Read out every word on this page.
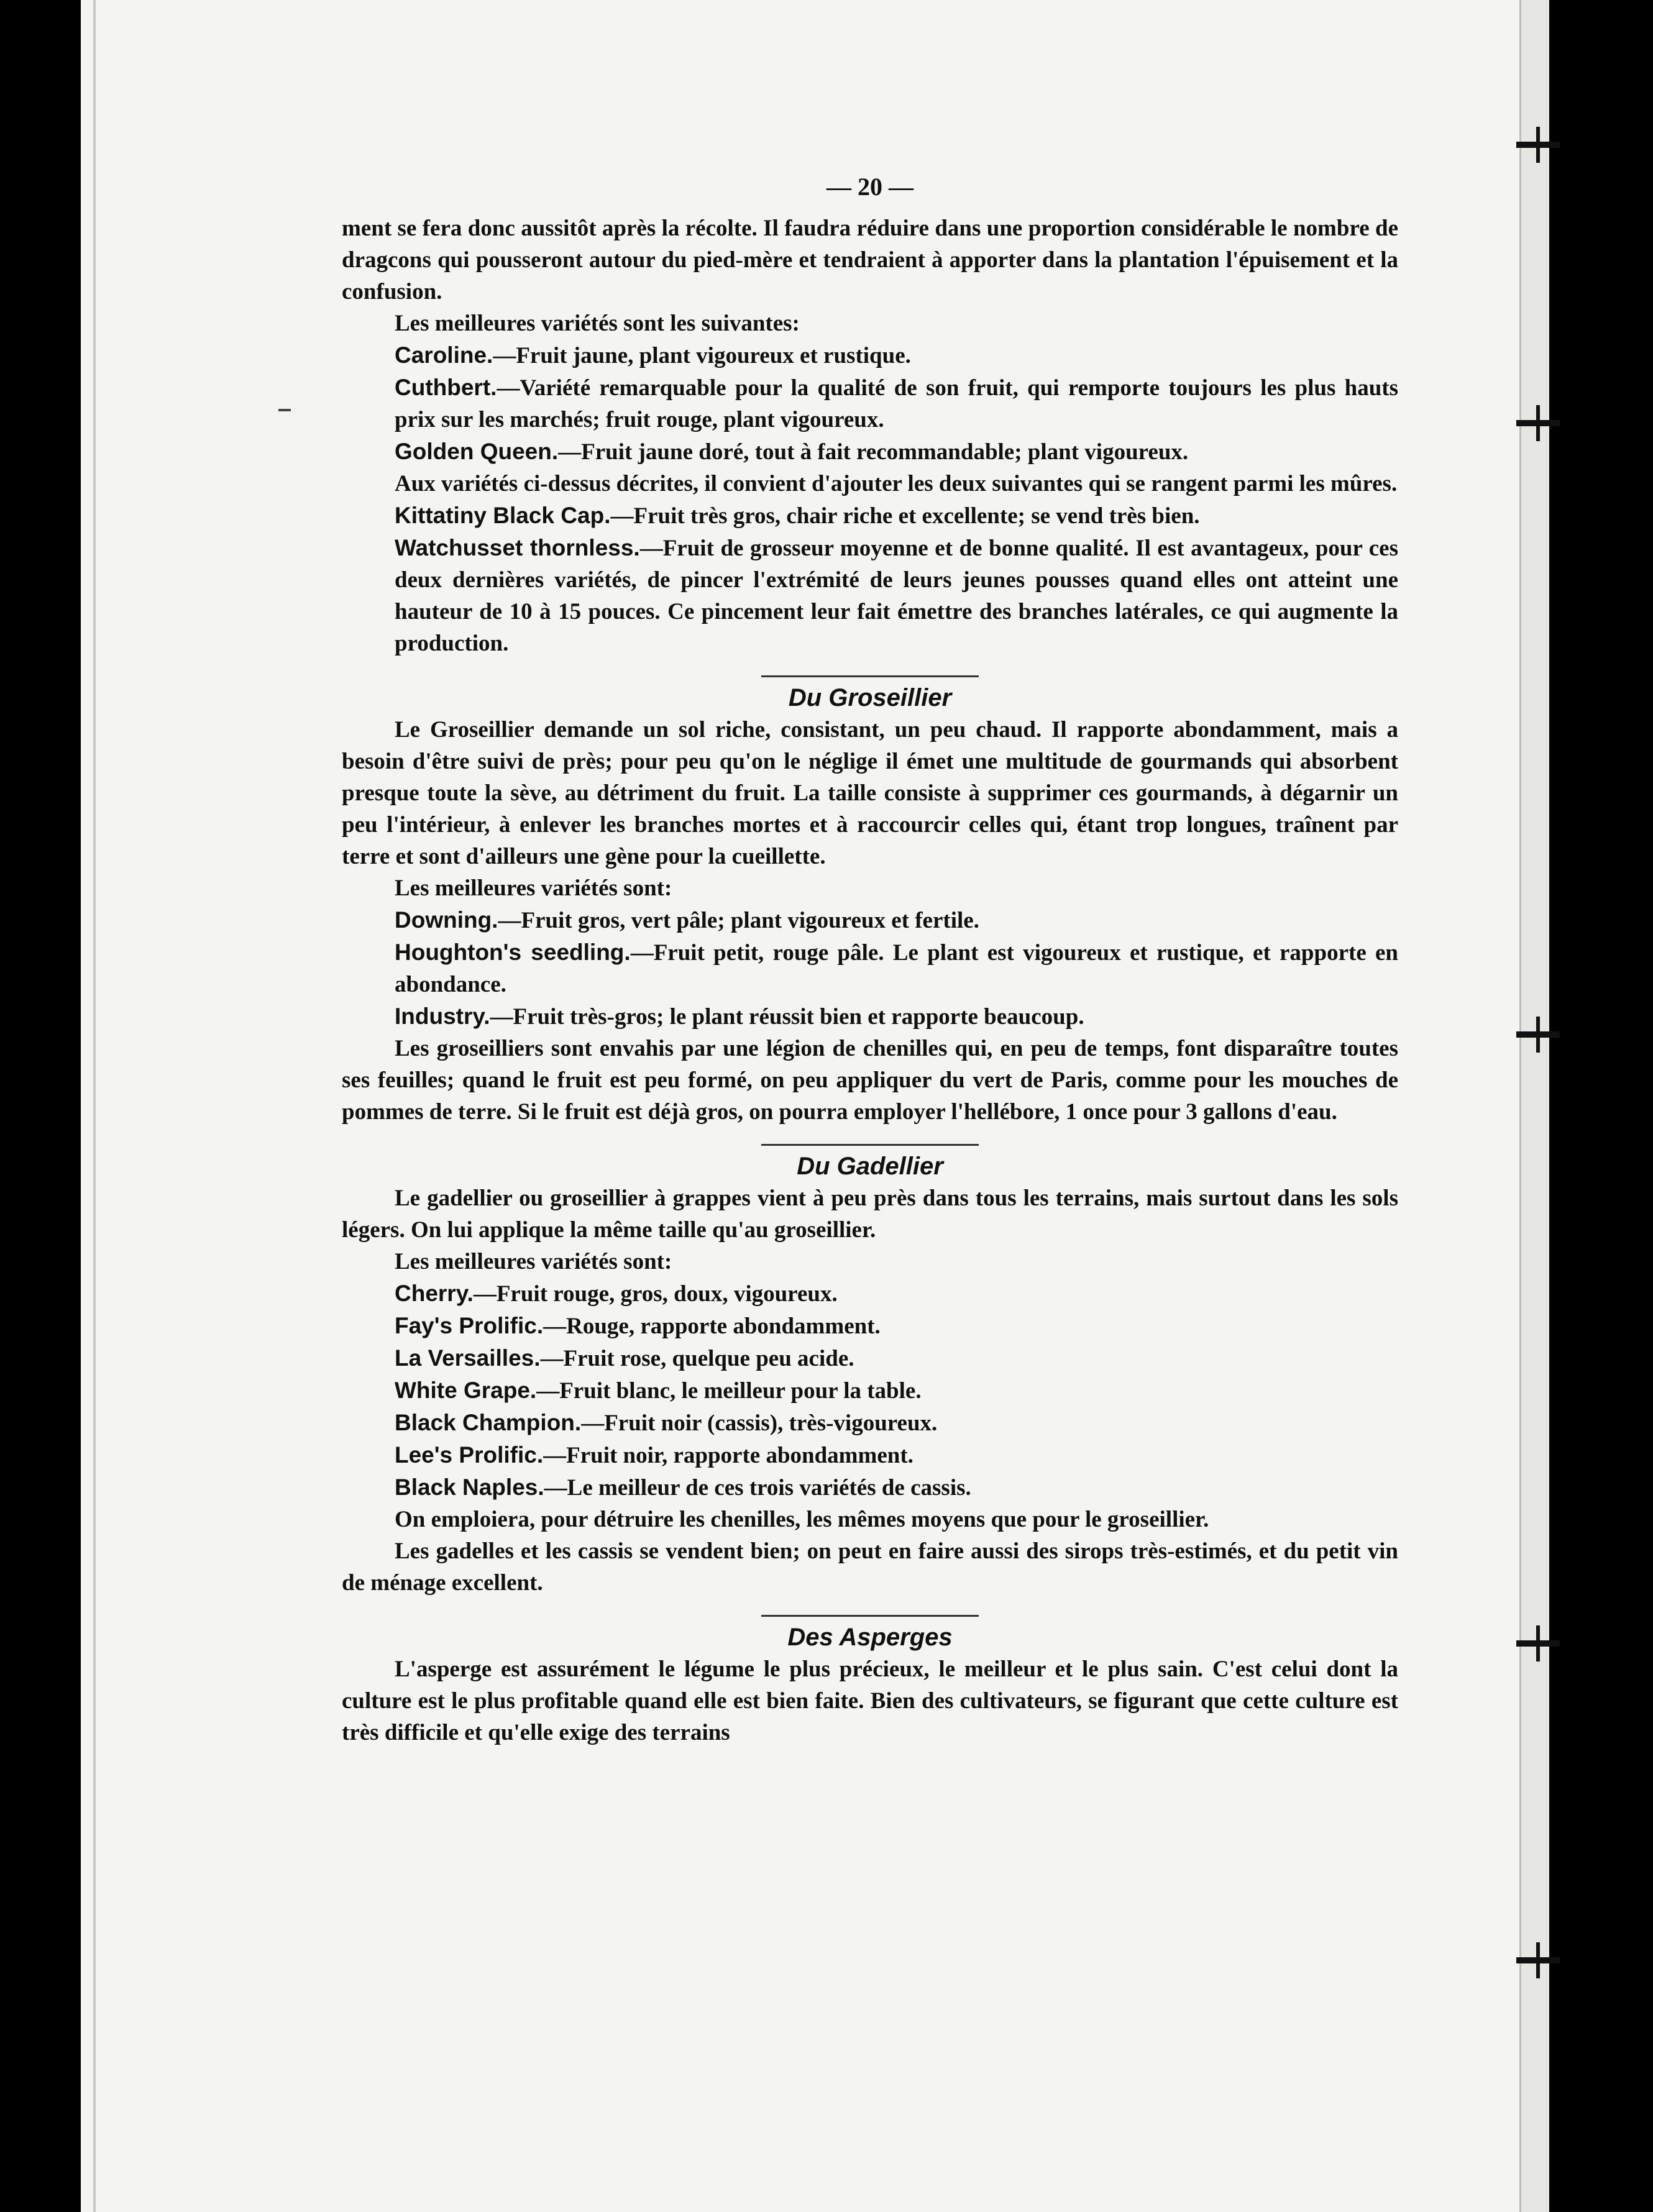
— 20 —

ment se fera donc aussitôt après la récolte. Il faudra réduire dans une proportion considérable le nombre de dragcons qui pousseront autour du pied-mère et tendraient à apporter dans la plantation l'épuisement et la confusion.

Les meilleures variétés sont les suivantes:

Caroline.—Fruit jaune, plant vigoureux et rustique.

Cuthbert.—Variété remarquable pour la qualité de son fruit, qui remporte toujours les plus hauts prix sur les marchés; fruit rouge, plant vigoureux.

Golden Queen.—Fruit jaune doré, tout à fait recommandable; plant vigoureux.

Aux variétés ci-dessus décrites, il convient d'ajouter les deux suivantes qui se rangent parmi les mûres.

Kittatiny Black Cap.—Fruit très gros, chair riche et excellente; se vend très bien.

Watchusset thornless.—Fruit de grosseur moyenne et de bonne qualité. Il est avantageux, pour ces deux dernières variétés, de pincer l'extrémité de leurs jeunes pousses quand elles ont atteint une hauteur de 10 à 15 pouces. Ce pincement leur fait émettre des branches latérales, ce qui augmente la production.

Du Groseillier

Le Groseillier demande un sol riche, consistant, un peu chaud. Il rapporte abondamment, mais a besoin d'être suivi de près; pour peu qu'on le néglige il émet une multitude de gourmands qui absorbent presque toute la sève, au détriment du fruit. La taille consiste à supprimer ces gourmands, à dégarnir un peu l'intérieur, à enlever les branches mortes et à raccourcir celles qui, étant trop longues, traînent par terre et sont d'ailleurs une gène pour la cueillette.

Les meilleures variétés sont:

Downing.—Fruit gros, vert pâle; plant vigoureux et fertile.

Houghton's seedling.—Fruit petit, rouge pâle. Le plant est vigoureux et rustique, et rapporte en abondance.

Industry.—Fruit très-gros; le plant réussit bien et rapporte beaucoup.

Les groseilliers sont envahis par une légion de chenilles qui, en peu de temps, font disparaître toutes ses feuilles; quand le fruit est peu formé, on peu appliquer du vert de Paris, comme pour les mouches de pommes de terre. Si le fruit est déjà gros, on pourra employer l'hellébore, 1 once pour 3 gallons d'eau.

Du Gadellier

Le gadellier ou groseillier à grappes vient à peu près dans tous les terrains, mais surtout dans les sols légers. On lui applique la même taille qu'au groseillier.

Les meilleures variétés sont:

Cherry.—Fruit rouge, gros, doux, vigoureux.

Fay's Prolific.—Rouge, rapporte abondamment.

La Versailles.—Fruit rose, quelque peu acide.

White Grape.—Fruit blanc, le meilleur pour la table.

Black Champion.—Fruit noir (cassis), très-vigoureux.

Lee's Prolific.—Fruit noir, rapporte abondamment.

Black Naples.—Le meilleur de ces trois variétés de cassis.

On emploiera, pour détruire les chenilles, les mêmes moyens que pour le groseillier.

Les gadelles et les cassis se vendent bien; on peut en faire aussi des sirops très-estimés, et du petit vin de ménage excellent.

Des Asperges

L'asperge est assurément le légume le plus précieux, le meilleur et le plus sain. C'est celui dont la culture est le plus profitable quand elle est bien faite. Bien des cultivateurs, se figurant que cette culture est très difficile et qu'elle exige des terrains
